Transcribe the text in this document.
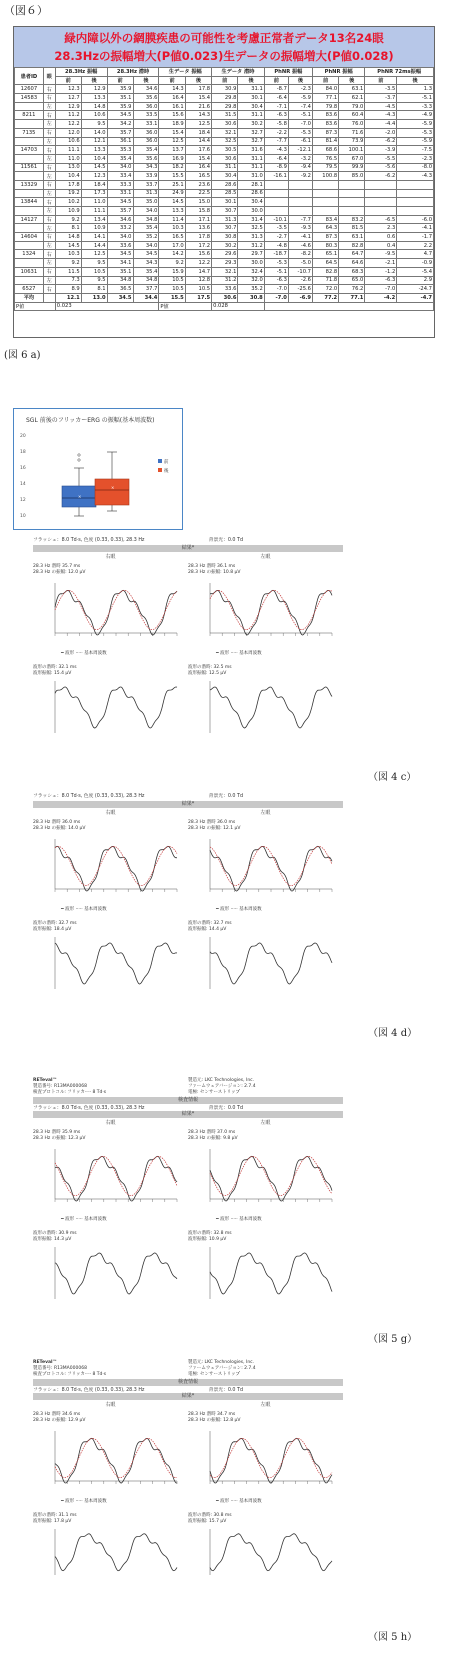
（図６）
緑内障以外の網膜疾患の可能性を考慮正常者データ13名24眼
28.3Hzの振幅増大(P値0.023)生データの振幅増大(P値0.028)
患者ID	眼	28.3Hz 振幅		28.3Hz 潜時		生データ 振幅		生データ 潜時		PhNR 振幅		PhNR 振幅		PhNR 72ms振幅	
		前	後	前	後	前	後	前	後	前	後	前	後	前	後
12607	右	12.3	12.9	35.9	34.6	14.3	17.8	30.9	31.1	-8.7	-2.3	84.0	63.1	-3.5	1.3
14583	右	12.7	13.3	35.1	35.6	16.4	15.4	29.8	30.1	-6.4	-5.9	77.1	62.1	-3.7	-5.1
	左	12.9	14.8	35.9	36.0	16.1	21.6	29.8	30.4	-7.1	-7.4	79.8	79.0	-4.5	-3.3
8211	右	11.2	10.6	34.5	33.5	15.6	14.3	31.5	31.1	-6.3	-5.1	83.6	60.4	-4.3	-4.9
	左	12.2	9.5	34.2	33.1	18.9	12.5	30.6	30.2	-5.8	-7.0	83.6	76.0	-4.4	-5.9
7135	右	12.0	14.0	35.7	36.0	15.4	18.4	32.1	32.7	-2.2	-5.3	87.3	71.6	-2.0	-5.3
	左	10.6	12.1	36.1	36.0	12.5	14.4	32.5	32.7	-7.7	-6.1	81.4	73.9	-6.2	-5.9
14703	右	11.1	13.3	35.3	35.4	13.7	17.6	30.5	31.6	-4.3	-12.1	68.6	100.1	-3.9	-7.5
	左	11.0	10.4	35.4	35.6	16.9	15.4	30.6	31.1	-6.4	-3.2	76.5	67.0	-5.5	-2.3
11561	右	13.0	14.5	34.0	34.3	18.2	16.4	31.1	31.1	-8.9	-9.4	79.5	99.9	-5.6	-8.0
	左	10.4	12.3	33.4	33.9	15.5	16.5	30.4	31.0	-16.1	-9.2	100.8	85.0	-6.2	-4.3
13329	右	17.8	18.4	33.3	33.7	25.1	23.6	28.6	28.1						
	左	19.2	17.3	33.1	31.3	24.9	22.5	28.5	28.6						
13844	右	10.2	11.0	34.5	35.0	14.5	15.0	30.1	30.4						
	左	10.9	11.1	35.7	34.0	13.3	15.8	30.7	30.0						
14127	右	9.2	13.4	34.6	34.8	11.4	17.1	31.3	31.4	-10.1	-7.7	83.4	83.2	-6.5	-6.0
	左	8.1	10.9	33.2	35.4	10.3	13.6	30.7	32.5	-3.5	-9.3	64.3	81.5	2.3	-4.1
14604	右	14.8	14.1	34.0	35.2	16.5	17.8	30.8	31.3	-2.7	-4.1	87.3	63.1	0.6	-1.7
	左	14.5	14.4	33.6	34.0	17.0	17.2	30.2	31.2	-4.8	-4.6	80.3	82.8	0.4	2.2
1324	右	10.3	12.5	34.5	34.5	14.2	15.6	29.6	29.7	-18.7	-8.2	65.1	64.7	-9.5	4.7
	左	9.2	9.5	34.1	34.3	9.2	12.2	29.3	30.0	-5.3	-5.0	64.5	64.6	-2.1	-0.9
10631	右	11.5	10.5	35.1	35.4	15.9	14.7	32.1	32.4	-5.1	-10.7	82.8	68.3	-1.2	-5.4
	左	7.3	9.5	34.8	34.8	10.5	12.8	31.2	32.0	-6.3	-2.6	71.8	65.0	-6.3	2.9
6527	右	8.9	8.1	36.5	37.7	10.5	10.5	33.6	35.2	-7.0	-25.6	72.0	76.2	-7.0	-24.7
平均		12.1	13.0	34.5	34.4	15.5	17.5	30.6	30.8	-7.0	-6.9	77.2	77.1	-4.2	-4.7
P値		0.023				P値		0.028							
(図 6 a)
SGL 前後のフリッカーERG の振幅(基本周波数)
20
18
16
14
12
10
×
×
前
後
フラッシュ：8.0 Td·s, 色度 (0.33, 0.33), 28.3 Hz	背景光：0.0 Td
結果*
右眼
28.3 Hz 潜時 35.7 ms
28.3 Hz の振幅: 12.0 µV
━ 波形 ····· 基本周波数
波形の潜時: 32.1 ms
波形振幅: 15.4 µV
左眼
28.3 Hz 潜時 36.1 ms
28.3 Hz の振幅: 10.8 µV
━ 波形 ····· 基本周波数
波形の潜時: 32.5 ms
波形振幅: 12.5 µV
（図 4 c）
フラッシュ：8.0 Td·s, 色度 (0.33, 0.33), 28.3 Hz	背景光：0.0 Td
結果*
右眼
28.3 Hz 潜時 36.0 ms
28.3 Hz の振幅: 14.0 µV
━ 波形 ····· 基本周波数
波形の潜時: 32.7 ms
波形振幅: 18.4 µV
左眼
28.3 Hz 潜時 36.0 ms
28.3 Hz の振幅: 12.1 µV
━ 波形 ····· 基本周波数
波形の潜時: 32.7 ms
波形振幅: 14.4 µV
（図 4 d）
RETeval™
製造番号: R13MA000068
検査プロトコル: フリッカー- 8 Td·s
製造元: LKC Technologies, Inc.
ファームウェアバージョン: 2.7.4
電極: センサーストリップ
検査情報
フラッシュ：8.0 Td·s, 色度 (0.33, 0.33), 28.3 Hz	背景光：0.0 Td
結果*
右眼
28.3 Hz 潜時 35.9 ms
28.3 Hz の振幅: 12.3 µV
━ 波形 ····· 基本周波数
波形の潜時: 30.9 ms
波形振幅: 14.3 µV
左眼
28.3 Hz 潜時 37.0 ms
28.3 Hz の振幅: 9.8 µV
━ 波形 ····· 基本周波数
波形の潜時: 32.8 ms
波形振幅: 10.9 µV
（図 5 g）
RETeval™
製造番号: R13MA000068
検査プロトコル: フリッカー- 8 Td·s
製造元: LKC Technologies, Inc.
ファームウェアバージョン: 2.7.4
電極: センサーストリップ
検査情報
フラッシュ：8.0 Td·s, 色度 (0.33, 0.33), 28.3 Hz	背景光：0.0 Td
結果*
右眼
28.3 Hz 潜時 34.6 ms
28.3 Hz の振幅: 12.9 µV
━ 波形 ····· 基本周波数
波形の潜時: 31.1 ms
波形振幅: 17.8 µV
左眼
28.3 Hz 潜時 34.7 ms
28.3 Hz の振幅: 12.8 µV
━ 波形 ····· 基本周波数
波形の潜時: 30.8 ms
波形振幅: 15.7 µV
（図 5 h）
